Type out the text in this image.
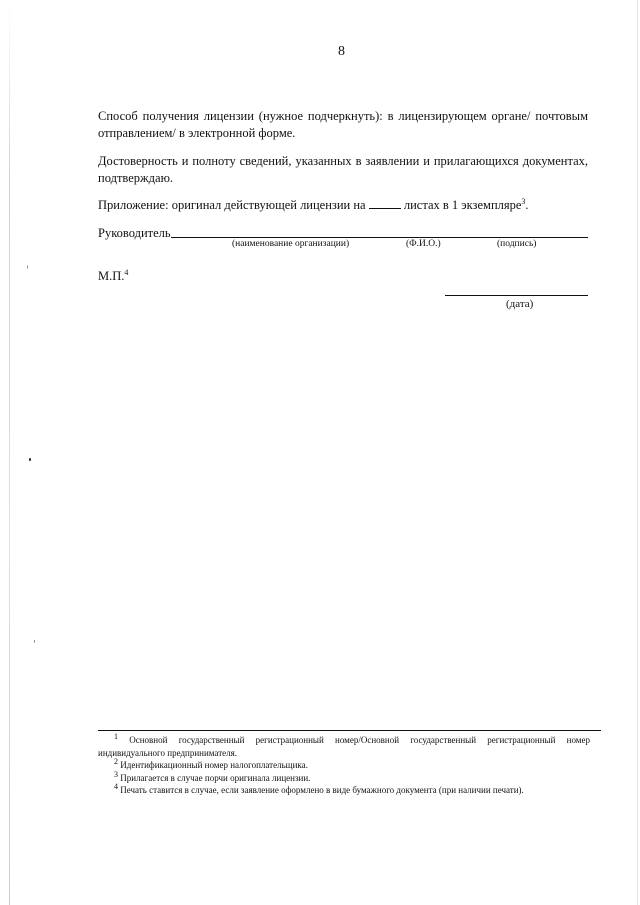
8

Способ получения лицензии (нужное подчеркнуть): в лицензирующем органе/ почтовым отправлением/ в электронной форме.

Достоверность и полноту сведений, указанных в заявлении и прилагающихся документах, подтверждаю.

Приложение: оригинал действующей лицензии на	листах в 1 экземпляре$^3$.

Руководитель
(наименование организации)	(Ф.И.О.)	(подпись)
М.П.$^4$
(дата)

$^1$ Основной государственный регистрационный номер/Основной государственный регистрационный номер индивидуального предпринимателя.

$^2$ Идентификационный номер налогоплательщика.

$^3$ Прилагается в случае порчи оригинала лицензии.

$^4$ Печать ставится в случае, если заявление оформлено в виде бумажного документа (при наличии печати).
